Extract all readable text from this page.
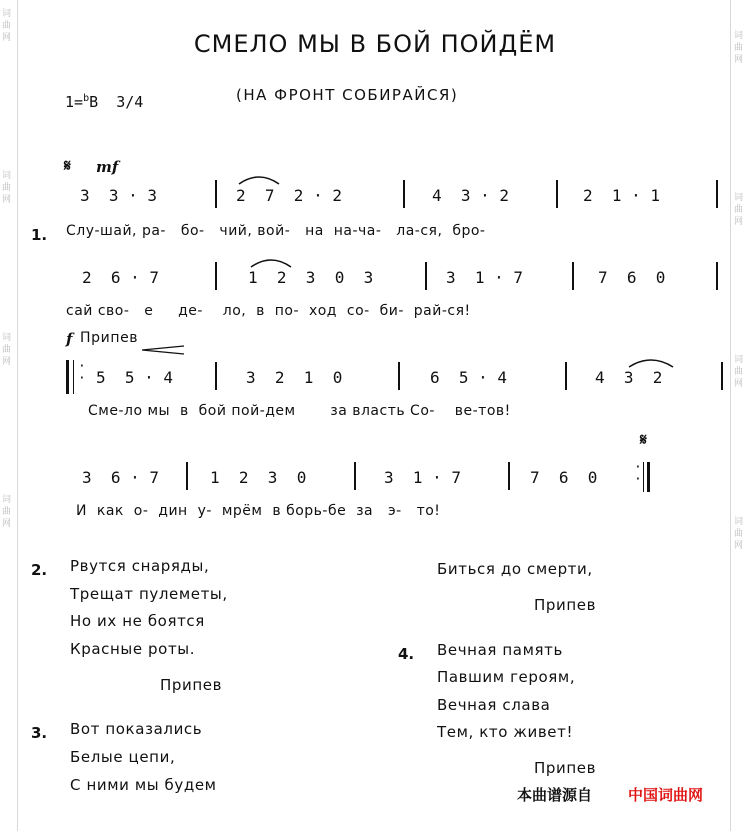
词曲网
词曲网
词曲网
词曲网
词曲网
词曲网
词曲网
词曲网
СМЕЛО МЫ В БОЙ ПОЙДЁМ
(НА ФРОНТ СОБИРАЙСЯ)
1=$^b$B 3/4
𝄋 mf
3  3 · 3	2  7  2 · 2	4  3 · 2	2  1 · 1
1. Слу-шай, ра-   бо-   чий, вой-   на  на-ча-   ла-ся,  бро-
2  6 · 7	1  2  3  0  3	3  1 · 7	7  6  0
сай сво-   е     де-    ло,  в  по-  ход  со-  би-  рай-ся!
f Припев
·
· 5  5 · 4	3  2  1  0	6  5 · 4	4  3  2
Сме-ло мы  в  бой пой-дем       за власть Со-    ве-тов!
𝄋
3  6 · 7	1  2  3  0	3  1 · 7	7  6  0
·
·
И  как  о-  дин  у-  мрём  в борь-бе  за   э-   то!
2. Рвутся снаряды,
Трещат пулеметы,
Но их не боятся
Красные роты.
Припев
3. Вот показались
Белые цепи,
С ними мы будем
Биться до смерти,
Припев
4. Вечная память
Павшим героям,
Вечная слава
Тем, кто живет!
Припев
本曲谱源自 中国词曲网
